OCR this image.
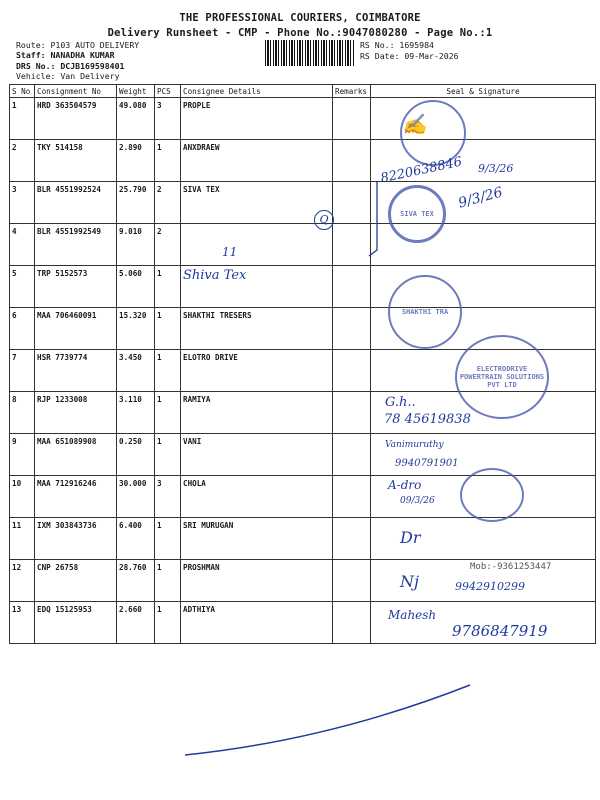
THE PROFESSIONAL COURIERS, COIMBATORE
Delivery Runsheet - CMP - Phone No.:9047080280 - Page No.:1
Route: P103 AUTO DELIVERY
Staff: NANADHA KUMAR
DRS No.: DCJB169598401
Vehicle: Van Delivery
RS No.: 1695984
RS Date: 09-Mar-2026
S No	Consignment No	Weight	PCS	Consignee Details	Remarks	Seal & Signature
1	HRD 363504579	49.080	3	PROPLE		
2	TKY 514158	2.890	1	ANXDRAEW		
3	BLR 4551992524	25.790	2	SIVA TEX		
4	BLR 4551992549	9.010	2			
5	TRP 5152573	5.060	1			
6	MAA 706460091	15.320	1	SHAKTHI TRESERS		
7	HSR 7739774	3.450	1	ELOTRO DRIVE		
8	RJP 1233008	3.110	1	RAMIYA		
9	MAA 651089908	0.250	1	VANI		
10	MAA 712916246	30.000	3	CHOLA		
11	IXM 303843736	6.400	1	SRI MURUGAN		
12	CNP 26758	28.760	1	PROSHMAN		
13	EDQ 15125953	2.660	1	ADTHIYA		
✍
8220638846 9/3/26
SIVA TEX
9/3/26
Q
11
Shiva Tex
SHAKTHI TRA
ELECTRODRIVE POWERTRAIN SOLUTIONS PVT LTD
G.h..
78 45619838
Vanimuruthy
9940791901
A-dro
09/3/26
Dr
Mob:-9361253447
Nj	9942910299
Mahesh
9786847919
